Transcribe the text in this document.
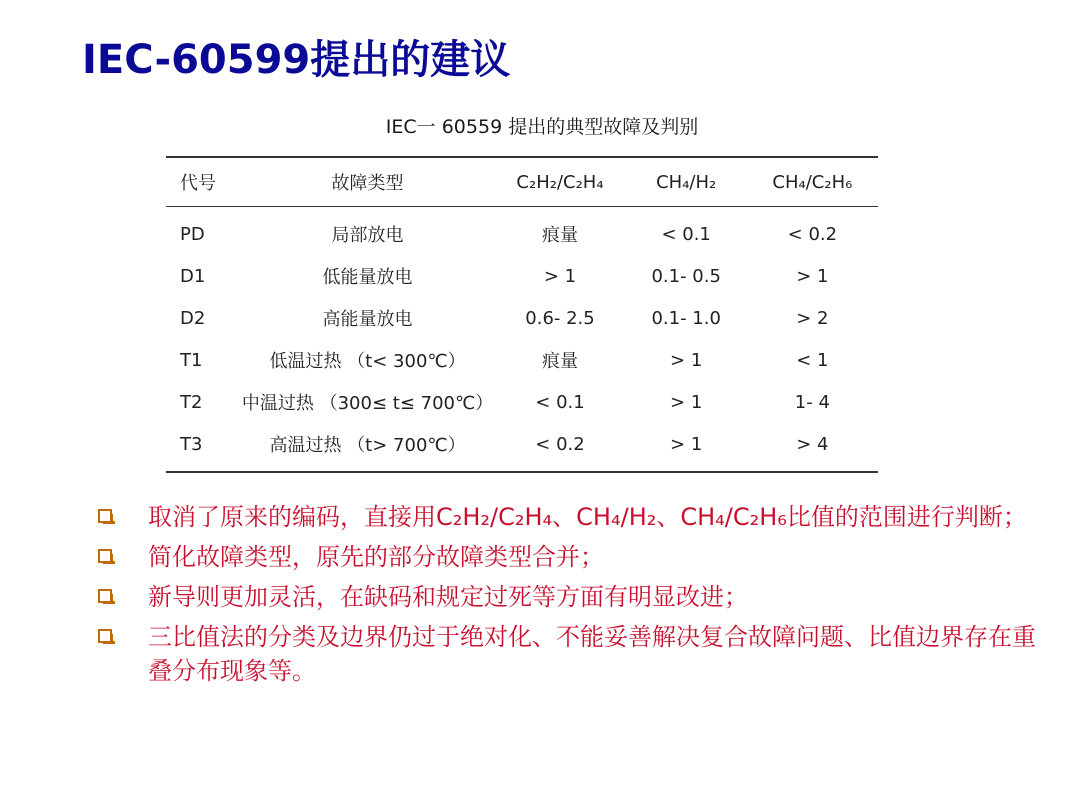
IEC-60599提出的建议
IEC一 60559 提出的典型故障及判别
代号	故障类型	C₂H₂/C₂H₄	CH₄/H₂	CH₄/C₂H₆
PD	局部放电	痕量	< 0.1	< 0.2
D1	低能量放电	> 1	0.1- 0.5	> 1
D2	高能量放电	0.6- 2.5	0.1- 1.0	> 2
T1	低温过热 （t< 300℃）	痕量	> 1	< 1
T2	中温过热 （300≤ t≤ 700℃）	< 0.1	> 1	1- 4
T3	高温过热 （t> 700℃）	< 0.2	> 1	> 4
取消了原来的编码，直接用C₂H₂/C₂H₄、CH₄/H₂、CH₄/C₂H₆比值的范围进行判断；
简化故障类型，原先的部分故障类型合并；
新导则更加灵活，在缺码和规定过死等方面有明显改进；
三比值法的分类及边界仍过于绝对化、不能妥善解决复合故障问题、比值边界存在重叠分布现象等。
